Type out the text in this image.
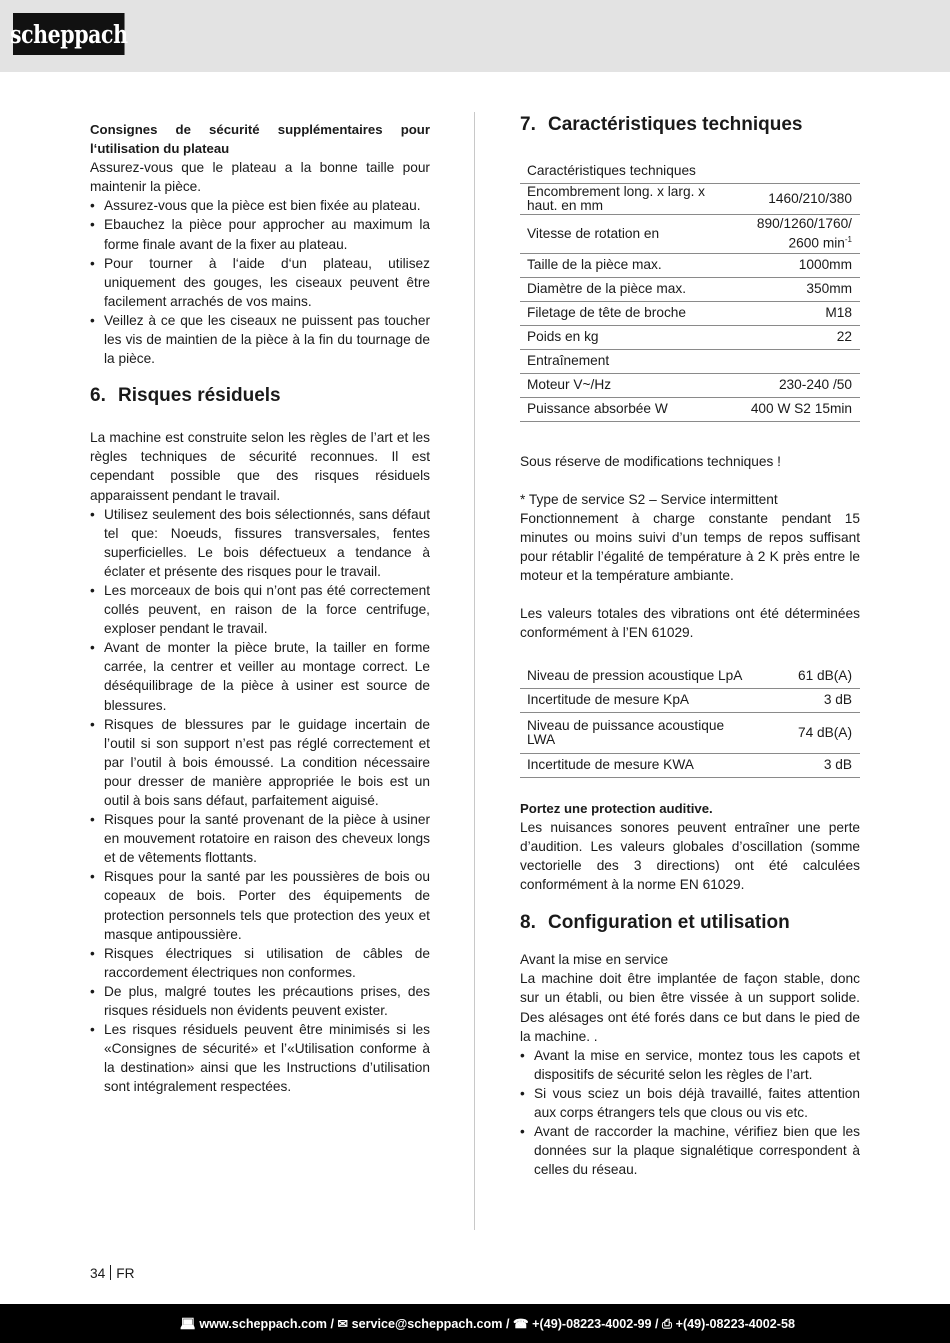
scheppach

Consignes de sécurité supplémentaires pour l‘utilisation du plateau

Assurez-vous que le plateau a la bonne taille pour maintenir la pièce.

• Assurez-vous que la pièce est bien fixée au plateau.
• Ebauchez la pièce pour approcher au maximum la forme finale avant de la fixer au plateau.
• Pour tourner à l‘aide d‘un plateau, utilisez uniquement des gouges, les ciseaux peuvent être facilement arrachés de vos mains.
• Veillez à ce que les ciseaux ne puissent pas toucher les vis de maintien de la pièce à la fin du tournage de la pièce.
6. Risques résiduels

La machine est construite selon les règles de l’art et les règles techniques de sécurité reconnues. Il est cependant possible que des risques résiduels apparaissent pendant le travail.

• Utilisez seulement des bois sélectionnés, sans défaut tel que: Noeuds, fissures transversales, fentes superficielles. Le bois défectueux a tendance à éclater et présente des risques pour le travail.
• Les morceaux de bois qui n’ont pas été correctement collés peuvent, en raison de la force centrifuge, exploser pendant le travail.
• Avant de monter la pièce brute, la tailler en forme carrée, la centrer et veiller au montage correct. Le déséquilibrage de la pièce à usiner est source de blessures.
• Risques de blessures par le guidage incertain de l’outil si son support n’est pas réglé correctement et par l’outil à bois émoussé. La condition nécessaire pour dresser de manière appropriée le bois est un outil à bois sans défaut, parfaitement aiguisé.
• Risques pour la santé provenant de la pièce à usiner en mouvement rotatoire en raison des cheveux longs et de vêtements flottants.
• Risques pour la santé par les poussières de bois ou copeaux de bois. Porter des équipements de protection personnels tels que protection des yeux et masque antipoussière.
• Risques électriques si utilisation de câbles de raccordement électriques non conformes.
• De plus, malgré toutes les précautions prises, des risques résiduels non évidents peuvent exister.
• Les risques résiduels peuvent être minimisés si les «Consignes de sécurité» et l’«Utilisation conforme à la destination» ainsi que les Instructions d’utilisation sont intégralement respectées.
7. Caractéristiques techniques
Caractéristiques techniques	
Encombrement long. x larg. x haut. en mm	1460/210/380
Vitesse de rotation en	890/1260/1760/ 2600 $\min^{-1}$
Taille de la pièce max.	1000mm
Diamètre de la pièce max.	350mm
Filetage de tête de broche	M18
Poids en kg	22
Entraînement	
Moteur V~/Hz	230-240 /50
Puissance absorbée W	400 W S2 15min

Sous réserve de modifications techniques !

* Type de service S2 – Service intermittent

Fonctionnement à charge constante pendant 15 minutes ou moins suivi d’un temps de repos suffisant pour rétablir l’égalité de température à 2 K près entre le moteur et la température ambiante.

Les valeurs totales des vibrations ont été déterminées conformément à l’EN 61029.

Niveau de pression acoustique LpA	61 dB(A)
Incertitude de mesure KpA	3 dB
Niveau de puissance acoustique LWA	74 dB(A)
Incertitude de mesure KWA	3 dB

Portez une protection auditive.

Les nuisances sonores peuvent entraîner une perte d’audition. Les valeurs globales d’oscillation (somme vectorielle des 3 directions) ont été calculées conformément à la norme EN 61029.

8. Configuration et utilisation

Avant la mise en service

La machine doit être implantée de façon stable, donc sur un établi, ou bien être vissée à un support solide. Des alésages ont été forés dans ce but dans le pied de la machine. .

• Avant la mise en service, montez tous les capots et dispositifs de sécurité selon les règles de l’art.
• Si vous sciez un bois déjà travaillé, faites attention aux corps étrangers tels que clous ou vis etc.
• Avant de raccorder la machine, vérifiez bien que les données sur la plaque signalétique correspondent à celles du réseau.
34 FR
💻︎ www.scheppach.com / ✉︎ service@scheppach.com / ☎︎ +(49)-08223-4002-99 / ⎙ +(49)-08223-4002-58
